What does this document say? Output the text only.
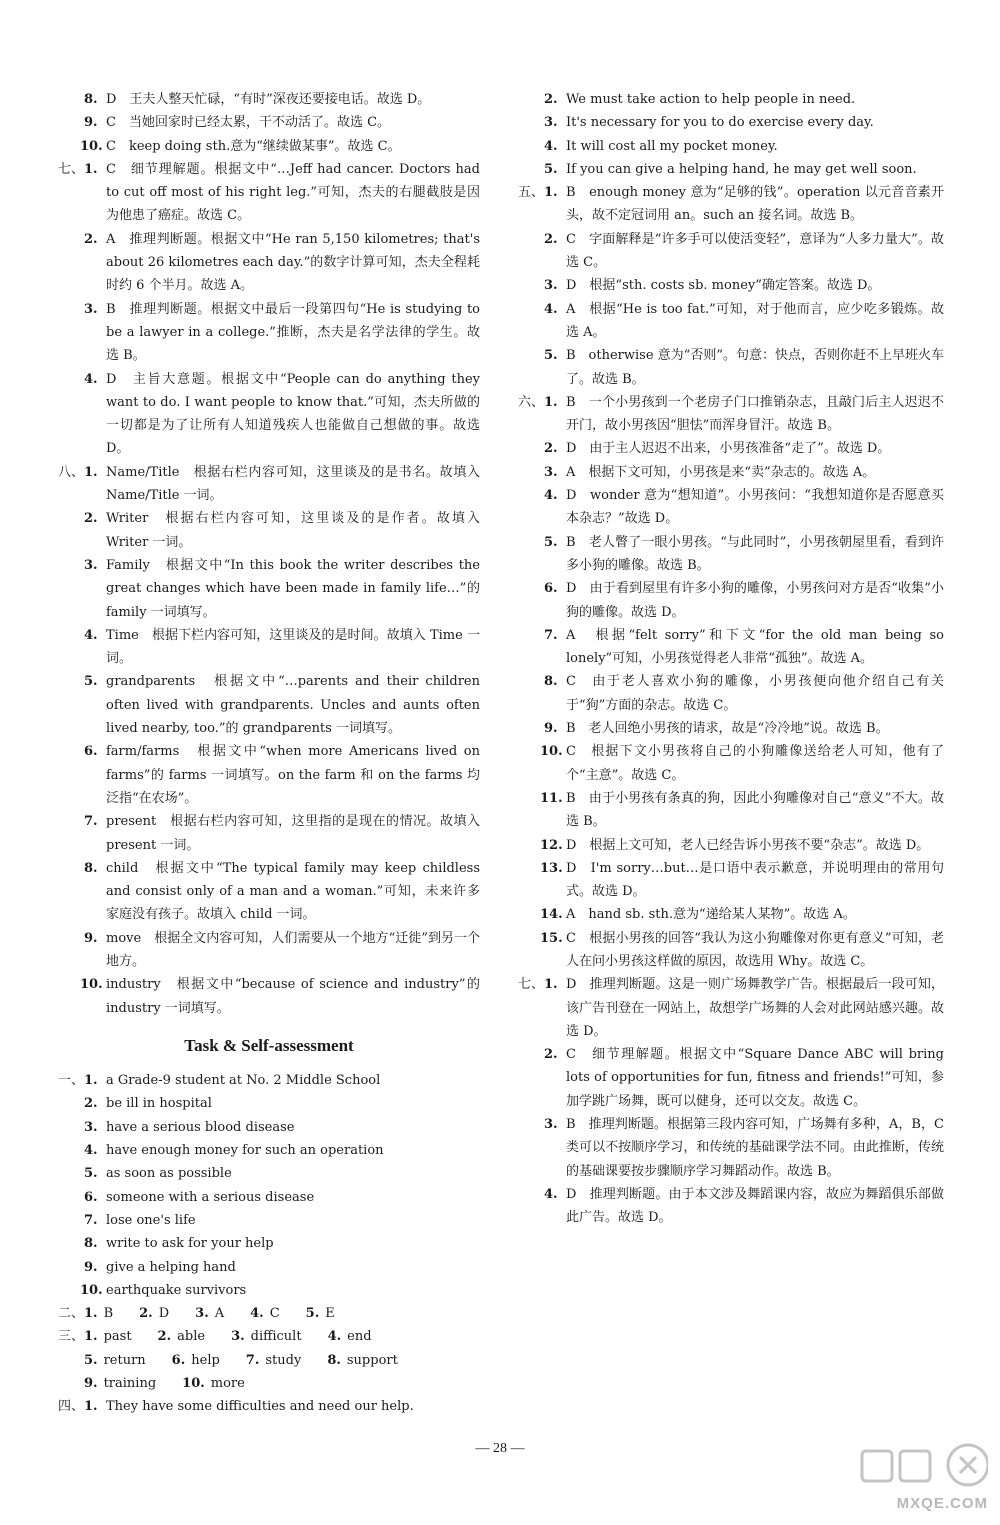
8. D　王夫人整天忙碌，“有时”深夜还要接电话。故选 D。
9. C　当她回家时已经太累，干不动活了。故选 C。
10. C　keep doing sth.意为“继续做某事”。故选 C。
七、 1. C　细节理解题。根据文中“…Jeff had cancer. Doctors had to cut off most of his right leg.”可知，杰夫的右腿截肢是因为他患了癌症。故选 C。
2. A　推理判断题。根据文中“He ran 5,150 kilometres; that's about 26 kilometres each day.”的数字计算可知，杰夫全程耗时约 6 个半月。故选 A。
3. B　推理判断题。根据文中最后一段第四句“He is studying to be a lawyer in a college.”推断，杰夫是名学法律的学生。故选 B。
4. D　主旨大意题。根据文中“People can do anything they want to do. I want people to know that.”可知，杰夫所做的一切都是为了让所有人知道残疾人也能做自己想做的事。故选 D。
八、 1. Name/Title　根据右栏内容可知，这里谈及的是书名。故填入 Name/Title 一词。
2. Writer　根据右栏内容可知，这里谈及的是作者。故填入 Writer 一词。
3. Family　根据文中“In this book the writer describes the great changes which have been made in family life…”的 family 一词填写。
4. Time　根据下栏内容可知，这里谈及的是时间。故填入 Time 一词。
5. grandparents　根据文中“…parents and their children often lived with grandparents. Uncles and aunts often lived nearby, too.”的 grandparents 一词填写。
6. farm/farms　根据文中“when more Americans lived on farms”的 farms 一词填写。on the farm 和 on the farms 均泛指“在农场”。
7. present　根据右栏内容可知，这里指的是现在的情况。故填入 present 一词。
8. child　根据文中“The typical family may keep childless and consist only of a man and a woman.”可知，未来许多家庭没有孩子。故填入 child 一词。
9. move　根据全文内容可知，人们需要从一个地方“迁徙”到另一个地方。
10. industry　根据文中“because of science and industry”的 industry 一词填写。
Task & Self-assessment
一、 1. a Grade-9 student at No. 2 Middle School
2. be ill in hospital
3. have a serious blood disease
4. have enough money for such an operation
5. as soon as possible
6. someone with a serious disease
7. lose one's life
8. write to ask for your help
9. give a helping hand
10. earthquake survivors
二、 1. B 2. D 3. A 4. C 5. E
三、 1. past 2. able 3. difficult 4. end
5. return 6. help 7. study 8. support
9. training 10. more
四、 1. They have some difficulties and need our help.
2. We must take action to help people in need.
3. It's necessary for you to do exercise every day.
4. It will cost all my pocket money.
5. If you can give a helping hand, he may get well soon.
五、 1. B　enough money 意为“足够的钱”。operation 以元音音素开头，故不定冠词用 an。such an 接名词。故选 B。
2. C　字面解释是“许多手可以使活变轻”，意译为“人多力量大”。故选 C。
3. D　根据“sth. costs sb. money”确定答案。故选 D。
4. A　根据“He is too fat.”可知，对于他而言，应少吃多锻炼。故选 A。
5. B　otherwise 意为“否则”。句意：快点，否则你赶不上早班火车了。故选 B。
六、 1. B　一个小男孩到一个老房子门口推销杂志，且敲门后主人迟迟不开门，故小男孩因“胆怯”而浑身冒汗。故选 B。
2. D　由于主人迟迟不出来，小男孩准备“走了”。故选 D。
3. A　根据下文可知，小男孩是来“卖”杂志的。故选 A。
4. D　wonder 意为“想知道”。小男孩问：“我想知道你是否愿意买本杂志？”故选 D。
5. B　老人瞥了一眼小男孩。“与此同时”，小男孩朝屋里看，看到许多小狗的雕像。故选 B。
6. D　由于看到屋里有许多小狗的雕像，小男孩问对方是否“收集”小狗的雕像。故选 D。
7. A　根据“felt sorry”和下文“for the old man being so lonely”可知，小男孩觉得老人非常“孤独”。故选 A。
8. C　由于老人喜欢小狗的雕像，小男孩便向他介绍自己有关于“狗”方面的杂志。故选 C。
9. B　老人回绝小男孩的请求，故是“冷冷地”说。故选 B。
10. C　根据下文小男孩将自己的小狗雕像送给老人可知，他有了个“主意”。故选 C。
11. B　由于小男孩有条真的狗，因此小狗雕像对自己“意义”不大。故选 B。
12. D　根据上文可知，老人已经告诉小男孩不要“杂志”。故选 D。
13. D　I'm sorry…but…是口语中表示歉意，并说明理由的常用句式。故选 D。
14. A　hand sb. sth.意为“递给某人某物”。故选 A。
15. C　根据小男孩的回答“我认为这小狗雕像对你更有意义”可知，老人在问小男孩这样做的原因，故选用 Why。故选 C。
七、 1. D　推理判断题。这是一则广场舞教学广告。根据最后一段可知，该广告刊登在一网站上，故想学广场舞的人会对此网站感兴趣。故选 D。
2. C　细节理解题。根据文中“Square Dance ABC will bring lots of opportunities for fun, fitness and friends!”可知，参加学跳广场舞，既可以健身，还可以交友。故选 C。
3. B　推理判断题。根据第三段内容可知，广场舞有多种，A，B，C 类可以不按顺序学习，和传统的基础课学法不同。由此推断，传统的基础课要按步骤顺序学习舞蹈动作。故选 B。
4. D　推理判断题。由于本文涉及舞蹈课内容，故应为舞蹈俱乐部做此广告。故选 D。
— 28 —
MXQE.COM
